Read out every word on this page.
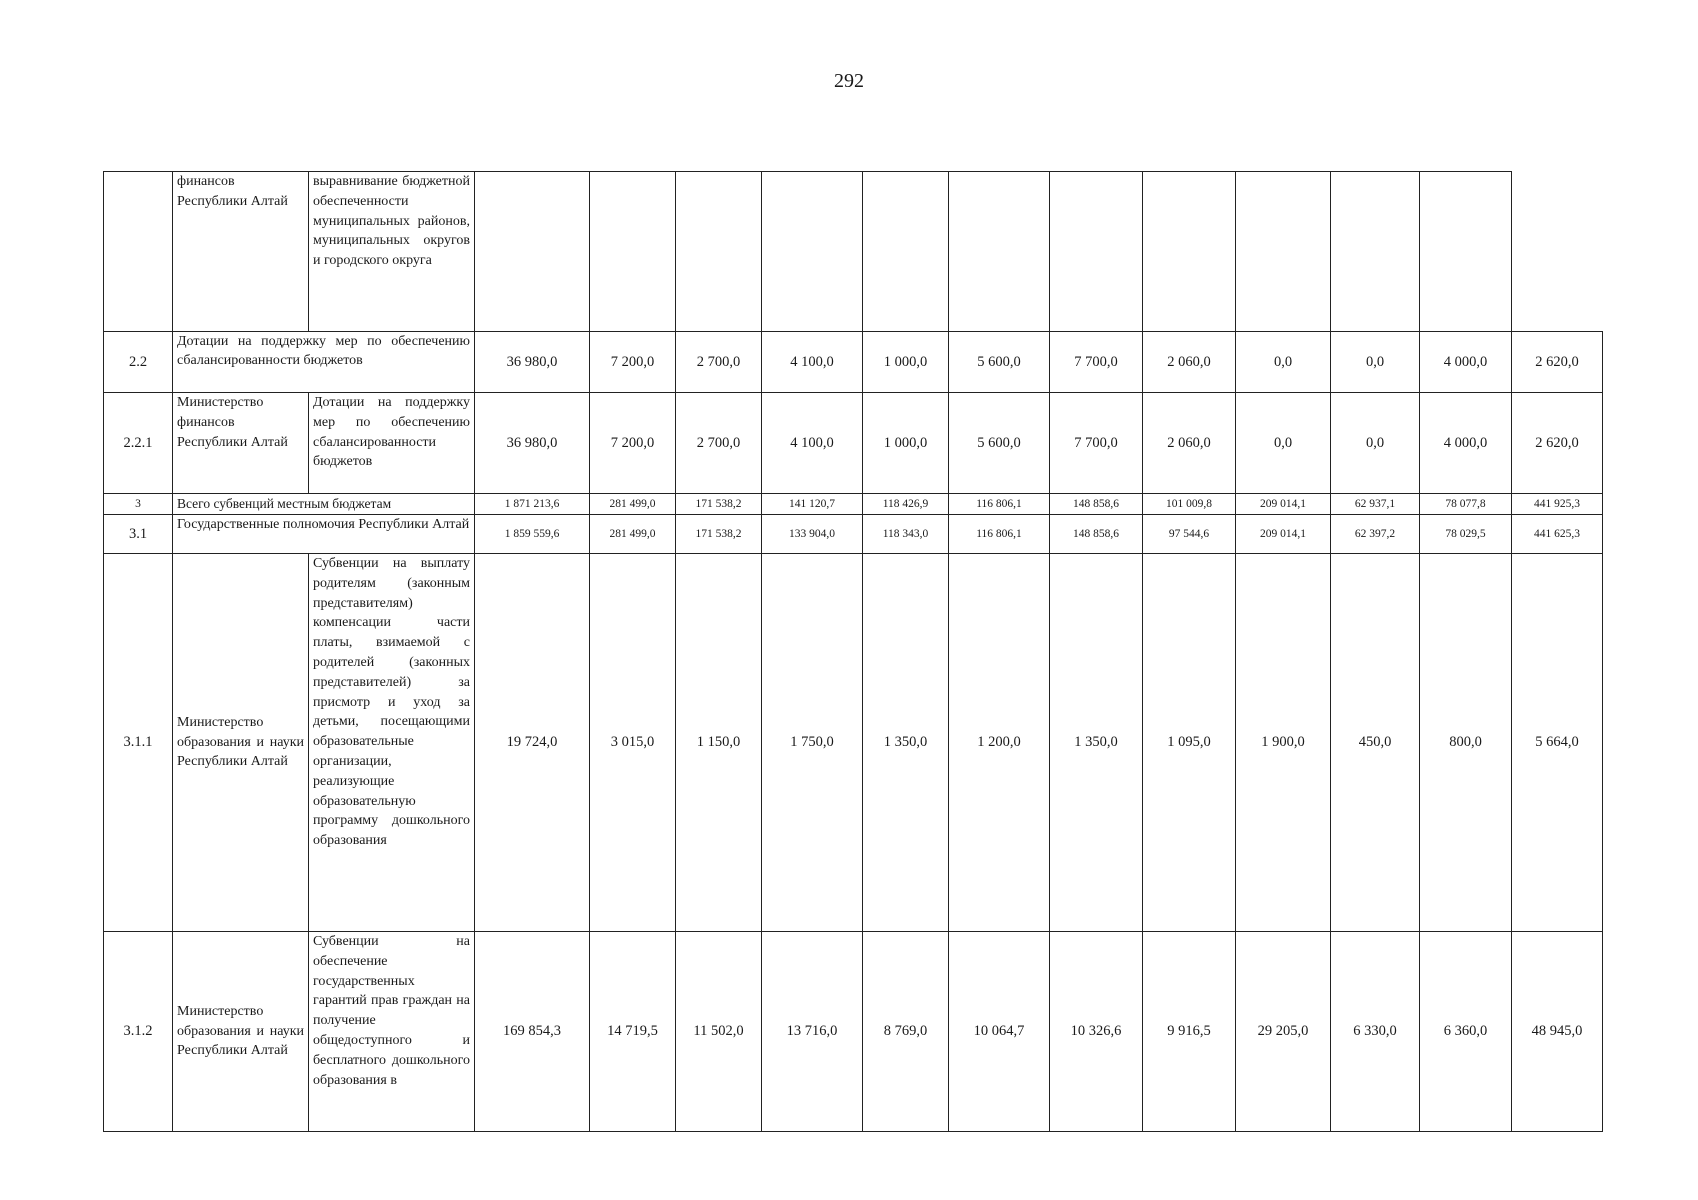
292
	финансов Республики Алтай	выравнивание бюджетной обеспеченности муниципальных районов, муниципальных округов и городского округа												
2.2	Дотации на поддержку мер по обеспечению сбалансированности бюджетов		36 980,0	7 200,0	2 700,0	4 100,0	1 000,0	5 600,0	7 700,0	2 060,0	0,0	0,0	4 000,0	2 620,0
2.2.1	Министерство финансов Республики Алтай	Дотации на поддержку мер по обеспечению сбалансированности бюджетов	36 980,0	7 200,0	2 700,0	4 100,0	1 000,0	5 600,0	7 700,0	2 060,0	0,0	0,0	4 000,0	2 620,0
3	Всего субвенций местным бюджетам		1 871 213,6	281 499,0	171 538,2	141 120,7	118 426,9	116 806,1	148 858,6	101 009,8	209 014,1	62 937,1	78 077,8	441 925,3
3.1	Государственные полномочия Республики Алтай		1 859 559,6	281 499,0	171 538,2	133 904,0	118 343,0	116 806,1	148 858,6	97 544,6	209 014,1	62 397,2	78 029,5	441 625,3
3.1.1	Министерство образования и науки Республики Алтай	Субвенции на выплату родителям (законным представителям) компенсации части платы, взимаемой с родителей (законных представителей) за присмотр и уход за детьми, посещающими образовательные организации, реализующие образовательную программу дошкольного образования	19 724,0	3 015,0	1 150,0	1 750,0	1 350,0	1 200,0	1 350,0	1 095,0	1 900,0	450,0	800,0	5 664,0
3.1.2	Министерство образования и науки Республики Алтай	Субвенции на обеспечение государственных гарантий прав граждан на получение общедоступного и бесплатного дошкольного образования в	169 854,3	14 719,5	11 502,0	13 716,0	8 769,0	10 064,7	10 326,6	9 916,5	29 205,0	6 330,0	6 360,0	48 945,0
